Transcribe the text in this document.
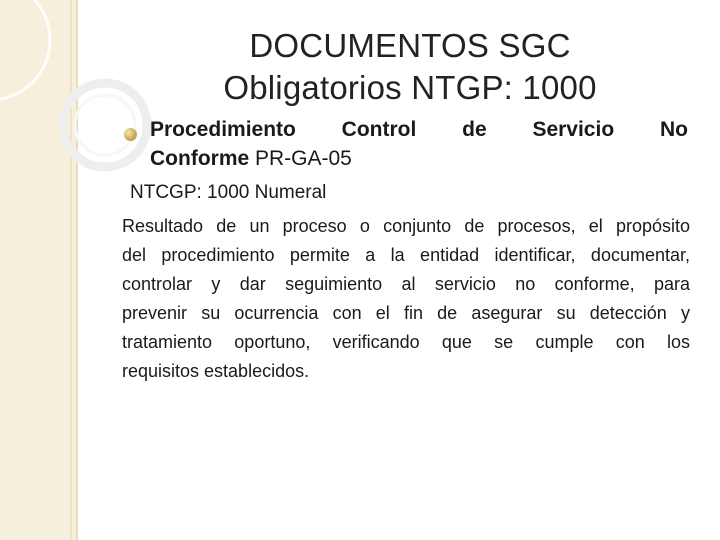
DOCUMENTOS SGC
Obligatorios NTGP: 1000
Procedimiento Control de Servicio No
Conforme PR-GA-05
NTCGP: 1000 Numeral
Resultado de un proceso o conjunto de procesos, el propósito
del procedimiento permite a la entidad identificar, documentar,
controlar y dar seguimiento al servicio no conforme, para
prevenir su ocurrencia con el fin de asegurar su detección y
tratamiento oportuno, verificando que se cumple con los
requisitos establecidos.
